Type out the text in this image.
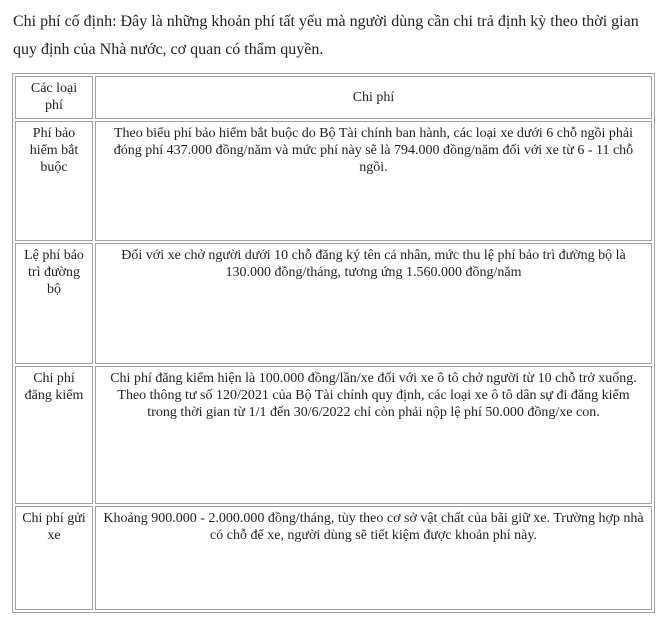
Chi phí cố định: Đây là những khoản phí tất yếu mà người dùng cần chi trả định kỳ theo thời gian quy định của Nhà nước, cơ quan có thẩm quyền.

Các loại phí	Chi phí
Phí bảo hiểm bắt buộc	Theo biểu phí bảo hiểm bắt buộc do Bộ Tài chính ban hành, các loại xe dưới 6 chỗ ngồi phải đóng phí 437.000 đồng/năm và mức phí này sẽ là 794.000 đồng/năm đối với xe từ 6 - 11 chỗ ngồi.
Lệ phí bảo trì đường bộ	Đối với xe chở người dưới 10 chỗ đăng ký tên cá nhân, mức thu lệ phí bảo trì đường bộ là 130.000 đồng/tháng, tương ứng 1.560.000 đồng/năm
Chi phí đăng kiểm	Chi phí đăng kiểm hiện là 100.000 đồng/lần/xe đối với xe ô tô chở người từ 10 chỗ trở xuống. Theo thông tư số 120/2021 của Bộ Tài chính quy định, các loại xe ô tô dân sự đi đăng kiểm trong thời gian từ 1/1 đến 30/6/2022 chỉ còn phải nộp lệ phí 50.000 đồng/xe con.
Chi phí gửi xe	Khoảng 900.000 - 2.000.000 đồng/tháng, tùy theo cơ sở vật chất của bãi giữ xe. Trường hợp nhà có chỗ để xe, người dùng sẽ tiết kiệm được khoản phí này.
